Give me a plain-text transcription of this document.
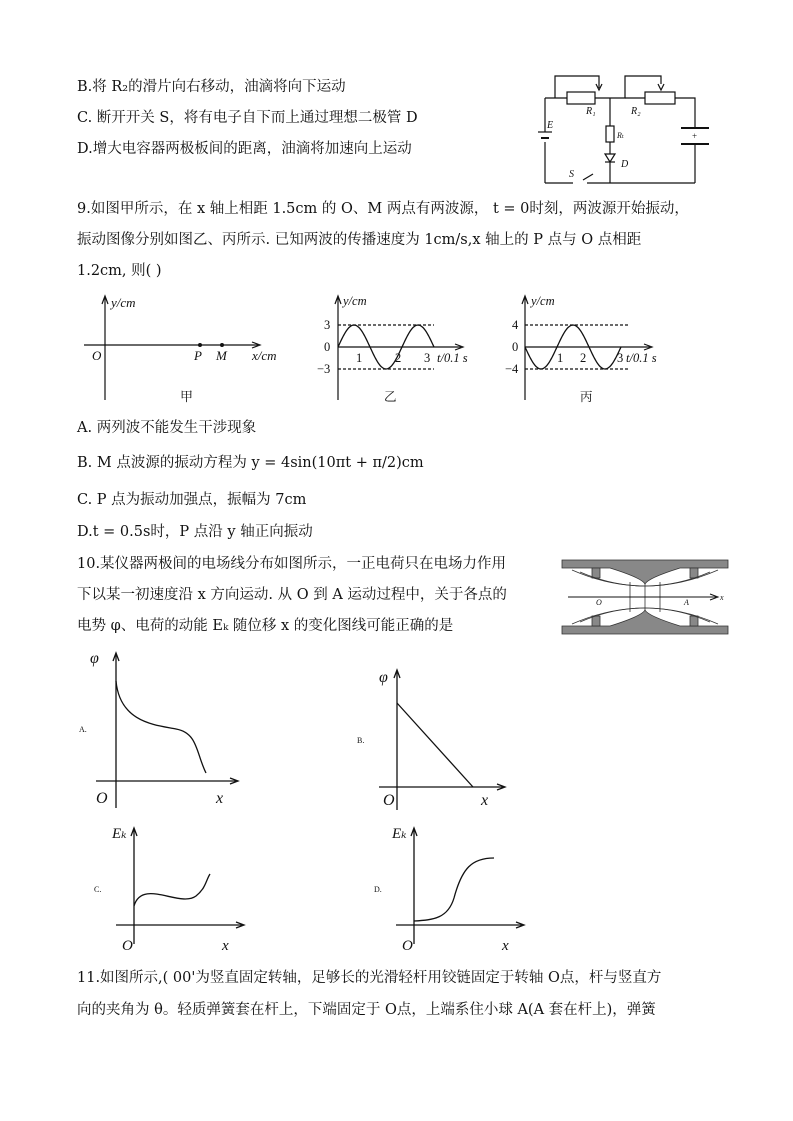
B.将 R₂的滑片向右移动，油滴将向下运动
C. 断开开关 S，将有电子自下而上通过理想二极管 D
D.增大电容器两极板间的距离，油滴将加速向上运动
E
R₁	R₂
Rₜ
D
S
+
9.如图甲所示，在 x 轴上相距 1.5cm 的 O、M 两点有两波源， t = 0时刻，两波源开始振动，
振动图像分别如图乙、丙所示. 已知两波的传播速度为 1cm/s,x 轴上的 P 点与 O 点相距
1.2cm, 则( )
y/cm
O	P M x/cm
甲
y/cm
3
0
−3
1	2 3 t/0.1 s
乙
y/cm
4
0
−4
1 2 3 t/0.1 s
丙
A. 两列波不能发生干涉现象
B. M 点波源的振动方程为 y = 4sin(10πt + π/2)cm
C. P 点为振动加强点，振幅为 7cm
D.t = 0.5s时，P 点沿 y 轴正向振动
10.某仪器两极间的电场线分布如图所示，一正电荷只在电场力作用
下以某一初速度沿 x 方向运动. 从 O 到 A 运动过程中，关于各点的
电势 φ、电荷的动能 Eₖ 随位移 x 的变化图线可能正确的是
O	A
x
φ
O	x
A.
φ
O	x
B.
Eₖ
O	x
C.
Eₖ
O	x
D.
11.如图所示,( 00'为竖直固定转轴，足够长的光滑轻杆用铰链固定于转轴 O点，杆与竖直方
向的夹角为 θ。轻质弹簧套在杆上，下端固定于 O点，上端系住小球 A(A 套在杆上)，弹簧
